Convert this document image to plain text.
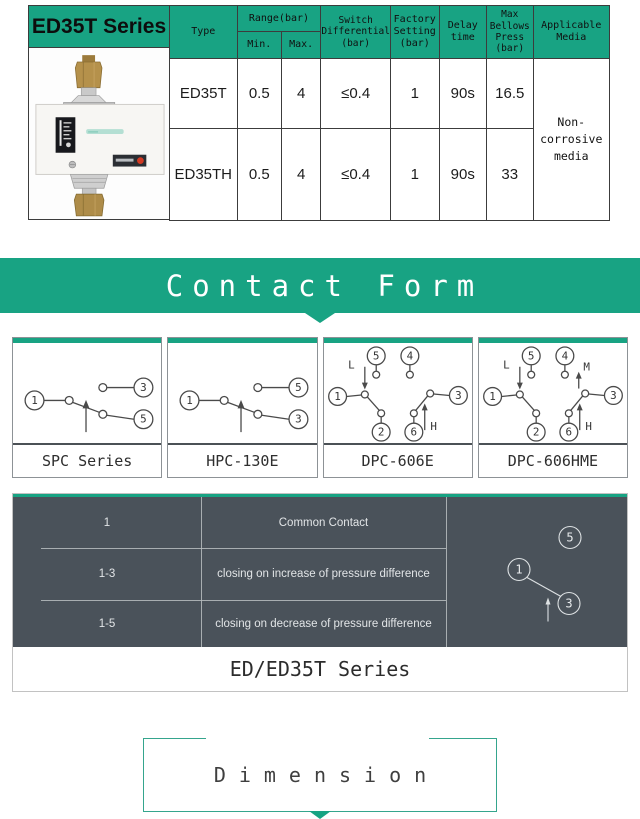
ED35T Series	Type	Range(bar)		Switch Differential (bar)	Factory Setting (bar)	Delay time	Max Bellows Press (bar)	Applicable Media
	Min.	Max.					
ED35T	0.5	4	≤0.4	1	90s	16.5	Non-corrosive media
ED35TH	0.5	4	≤0.4	1	90s	33	
Contact Form
3
1
5
SPC Series
5
1
3
HPC-130E
5 4
L
1
2
3
6 H
DPC-606E
5 4
L	M
1
2
3
6 H
DPC-606HME
1	Common Contact
1-3	closing on increase of pressure difference
1-5	closing on decrease of pressure difference
5
1
3
ED/ED35T Series
Dimension
